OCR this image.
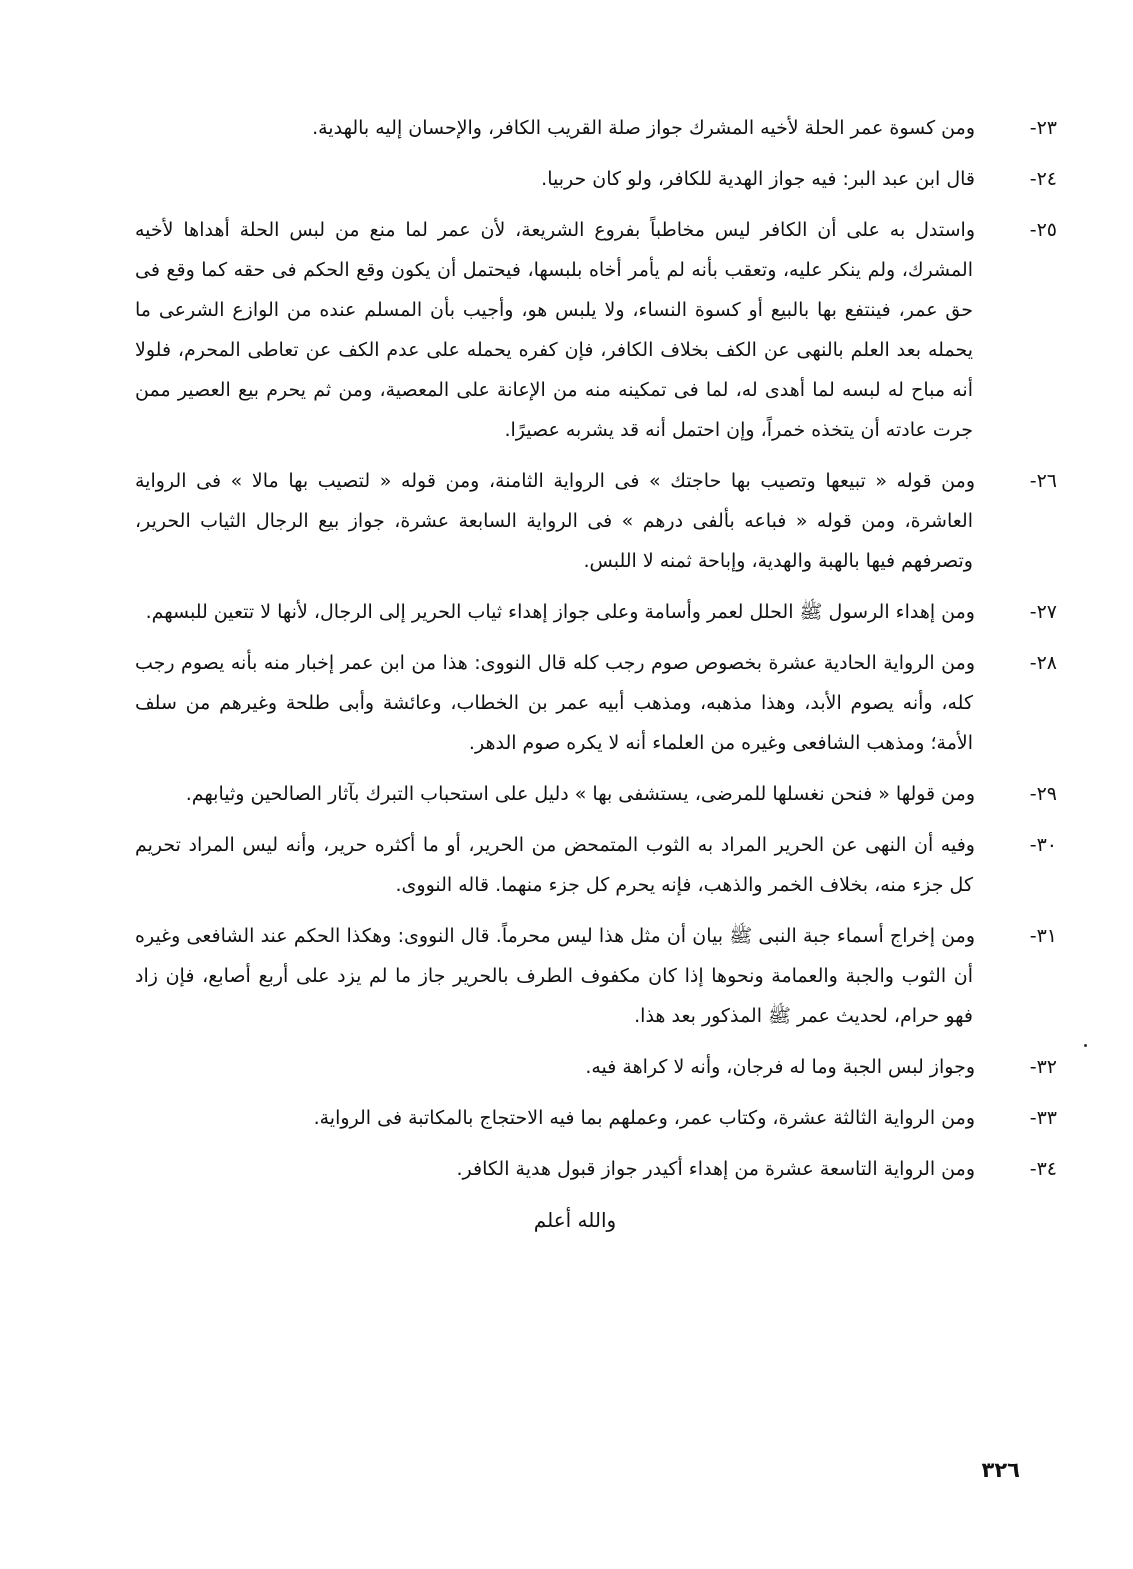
٢٣-ومن كسوة عمر الحلة لأخيه المشرك جواز صلة القريب الكافر، والإحسان إليه بالهدية.

٢٤-قال ابن عبد البر: فيه جواز الهدية للكافر، ولو كان حربيا.

٢٥-واستدل به على أن الكافر ليس مخاطباً بفروع الشريعة، لأن عمر لما منع من لبس الحلة أهداها لأخيه المشرك، ولم ينكر عليه، وتعقب بأنه لم يأمر أخاه بلبسها، فيحتمل أن يكون وقع الحكم فى حقه كما وقع فى حق عمر، فينتفع بها بالبيع أو كسوة النساء، ولا يلبس هو، وأجيب بأن المسلم عنده من الوازع الشرعى ما يحمله بعد العلم بالنهى عن الكف بخلاف الكافر، فإن كفره يحمله على عدم الكف عن تعاطى المحرم، فلولا أنه مباح له لبسه لما أهدى له، لما فى تمكينه منه من الإعانة على المعصية، ومن ثم يحرم بيع العصير ممن جرت عادته أن يتخذه خمراً، وإن احتمل أنه قد يشربه عصيرًا.

٢٦-ومن قوله « تبيعها وتصيب بها حاجتك » فى الرواية الثامنة، ومن قوله « لتصيب بها مالا » فى الرواية العاشرة، ومن قوله « فباعه بألفى درهم » فى الرواية السابعة عشرة، جواز بيع الرجال الثياب الحرير، وتصرفهم فيها بالهبة والهدية، وإباحة ثمنه لا اللبس.

٢٧-ومن إهداء الرسول ﷺ الحلل لعمر وأسامة وعلى جواز إهداء ثياب الحرير إلى الرجال، لأنها لا تتعين للبسهم.

٢٨-ومن الرواية الحادية عشرة بخصوص صوم رجب كله قال النووى: هذا من ابن عمر إخبار منه بأنه يصوم رجب كله، وأنه يصوم الأبد، وهذا مذهبه، ومذهب أبيه عمر بن الخطاب، وعائشة وأبى طلحة وغيرهم من سلف الأمة؛ ومذهب الشافعى وغيره من العلماء أنه لا يكره صوم الدهر.

٢٩-ومن قولها « فنحن نغسلها للمرضى، يستشفى بها » دليل على استحباب التبرك بآثار الصالحين وثيابهم.

٣٠-وفيه أن النهى عن الحرير المراد به الثوب المتمحض من الحرير، أو ما أكثره حرير، وأنه ليس المراد تحريم كل جزء منه، بخلاف الخمر والذهب، فإنه يحرم كل جزء منهما. قاله النووى.

٣١-ومن إخراج أسماء جبة النبى ﷺ بيان أن مثل هذا ليس محرماً. قال النووى: وهكذا الحكم عند الشافعى وغيره أن الثوب والجبة والعمامة ونحوها إذا كان مكفوف الطرف بالحرير جاز ما لم يزد على أربع أصابع، فإن زاد فهو حرام، لحديث عمر ﷺ المذكور بعد هذا.

٣٢-وجواز لبس الجبة وما له فرجان، وأنه لا كراهة فيه.

٣٣-ومن الرواية الثالثة عشرة، وكتاب عمر، وعملهم بما فيه الاحتجاج بالمكاتبة فى الرواية.

٣٤-ومن الرواية التاسعة عشرة من إهداء أكيدر جواز قبول هدية الكافر.

والله أعلم

٣٢٦
